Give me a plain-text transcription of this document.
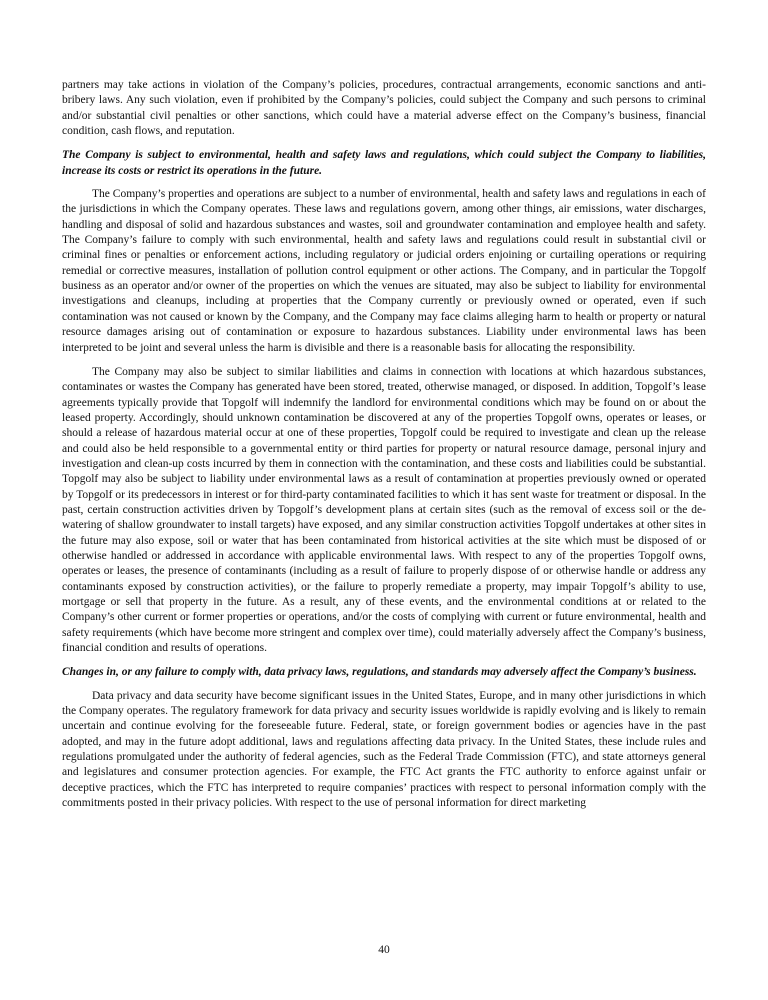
partners may take actions in violation of the Company’s policies, procedures, contractual arrangements, economic sanctions and anti-bribery laws. Any such violation, even if prohibited by the Company’s policies, could subject the Company and such persons to criminal and/or substantial civil penalties or other sanctions, which could have a material adverse effect on the Company’s business, financial condition, cash flows, and reputation.

The Company is subject to environmental, health and safety laws and regulations, which could subject the Company to liabilities, increase its costs or restrict its operations in the future.

The Company’s properties and operations are subject to a number of environmental, health and safety laws and regulations in each of the jurisdictions in which the Company operates. These laws and regulations govern, among other things, air emissions, water discharges, handling and disposal of solid and hazardous substances and wastes, soil and groundwater contamination and employee health and safety. The Company’s failure to comply with such environmental, health and safety laws and regulations could result in substantial civil or criminal fines or penalties or enforcement actions, including regulatory or judicial orders enjoining or curtailing operations or requiring remedial or corrective measures, installation of pollution control equipment or other actions. The Company, and in particular the Topgolf business as an operator and/or owner of the properties on which the venues are situated, may also be subject to liability for environmental investigations and cleanups, including at properties that the Company currently or previously owned or operated, even if such contamination was not caused or known by the Company, and the Company may face claims alleging harm to health or property or natural resource damages arising out of contamination or exposure to hazardous substances. Liability under environmental laws has been interpreted to be joint and several unless the harm is divisible and there is a reasonable basis for allocating the responsibility.

The Company may also be subject to similar liabilities and claims in connection with locations at which hazardous substances, contaminates or wastes the Company has generated have been stored, treated, otherwise managed, or disposed. In addition, Topgolf’s lease agreements typically provide that Topgolf will indemnify the landlord for environmental conditions which may be found on or about the leased property. Accordingly, should unknown contamination be discovered at any of the properties Topgolf owns, operates or leases, or should a release of hazardous material occur at one of these properties, Topgolf could be required to investigate and clean up the release and could also be held responsible to a governmental entity or third parties for property or natural resource damage, personal injury and investigation and clean-up costs incurred by them in connection with the contamination, and these costs and liabilities could be substantial. Topgolf may also be subject to liability under environmental laws as a result of contamination at properties previously owned or operated by Topgolf or its predecessors in interest or for third-party contaminated facilities to which it has sent waste for treatment or disposal. In the past, certain construction activities driven by Topgolf’s development plans at certain sites (such as the removal of excess soil or the de-watering of shallow groundwater to install targets) have exposed, and any similar construction activities Topgolf undertakes at other sites in the future may also expose, soil or water that has been contaminated from historical activities at the site which must be disposed of or otherwise handled or addressed in accordance with applicable environmental laws. With respect to any of the properties Topgolf owns, operates or leases, the presence of contaminants (including as a result of failure to properly dispose of or otherwise handle or address any contaminants exposed by construction activities), or the failure to properly remediate a property, may impair Topgolf’s ability to use, mortgage or sell that property in the future. As a result, any of these events, and the environmental conditions at or related to the Company’s other current or former properties or operations, and/or the costs of complying with current or future environmental, health and safety requirements (which have become more stringent and complex over time), could materially adversely affect the Company’s business, financial condition and results of operations.

Changes in, or any failure to comply with, data privacy laws, regulations, and standards may adversely affect the Company’s business.

Data privacy and data security have become significant issues in the United States, Europe, and in many other jurisdictions in which the Company operates. The regulatory framework for data privacy and security issues worldwide is rapidly evolving and is likely to remain uncertain and continue evolving for the foreseeable future. Federal, state, or foreign government bodies or agencies have in the past adopted, and may in the future adopt additional, laws and regulations affecting data privacy. In the United States, these include rules and regulations promulgated under the authority of federal agencies, such as the Federal Trade Commission (FTC), and state attorneys general and legislatures and consumer protection agencies. For example, the FTC Act grants the FTC authority to enforce against unfair or deceptive practices, which the FTC has interpreted to require companies’ practices with respect to personal information comply with the commitments posted in their privacy policies. With respect to the use of personal information for direct marketing

40
